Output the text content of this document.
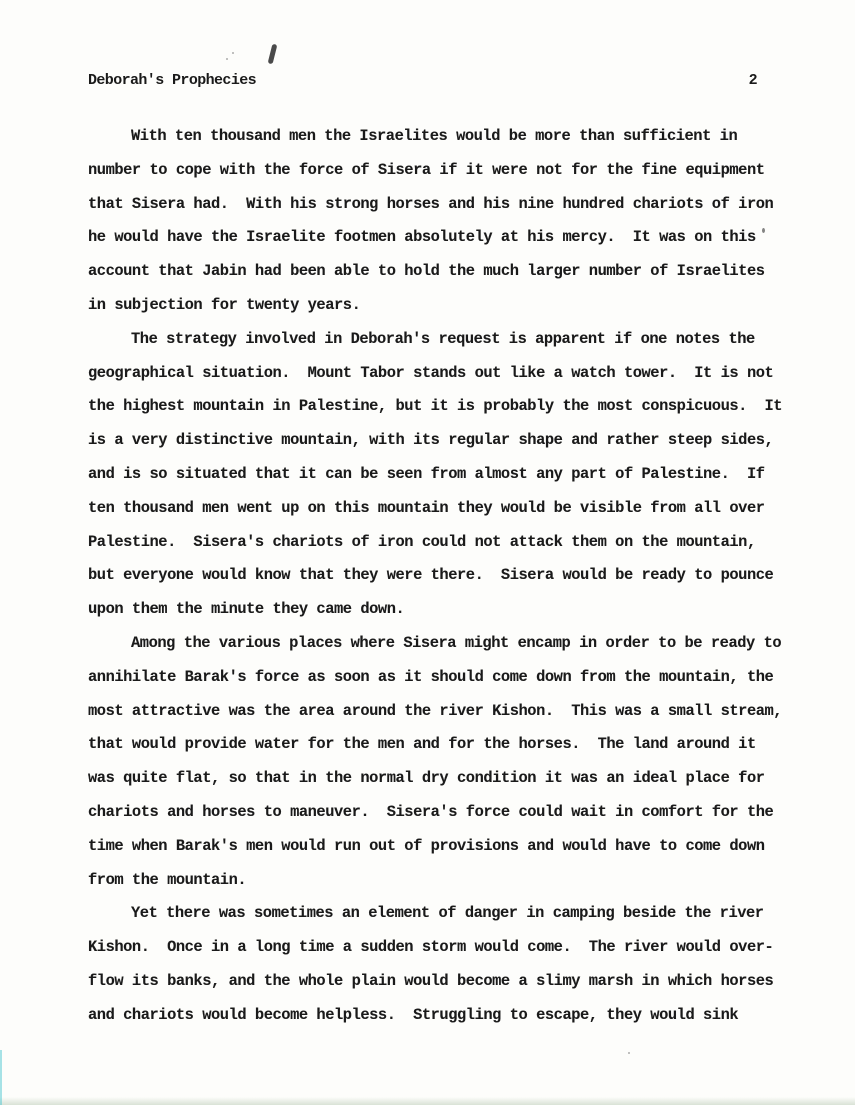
Deborah's Prophecies	2
With ten thousand men the Israelites would be more than sufficient in
number to cope with the force of Sisera if it were not for the fine equipment
that Sisera had.  With his strong horses and his nine hundred chariots of iron
he would have the Israelite footmen absolutely at his mercy.  It was on this
account that Jabin had been able to hold the much larger number of Israelites
in subjection for twenty years.
The strategy involved in Deborah's request is apparent if one notes the
geographical situation.  Mount Tabor stands out like a watch tower.  It is not
the highest mountain in Palestine, but it is probably the most conspicuous.  It
is a very distinctive mountain, with its regular shape and rather steep sides,
and is so situated that it can be seen from almost any part of Palestine.  If
ten thousand men went up on this mountain they would be visible from all over
Palestine.  Sisera's chariots of iron could not attack them on the mountain,
but everyone would know that they were there.  Sisera would be ready to pounce
upon them the minute they came down.
Among the various places where Sisera might encamp in order to be ready to
annihilate Barak's force as soon as it should come down from the mountain, the
most attractive was the area around the river Kishon.  This was a small stream,
that would provide water for the men and for the horses.  The land around it
was quite flat, so that in the normal dry condition it was an ideal place for
chariots and horses to maneuver.  Sisera's force could wait in comfort for the
time when Barak's men would run out of provisions and would have to come down
from the mountain.
Yet there was sometimes an element of danger in camping beside the river
Kishon.  Once in a long time a sudden storm would come.  The river would over-
flow its banks, and the whole plain would become a slimy marsh in which horses
and chariots would become helpless.  Struggling to escape, they would sink
